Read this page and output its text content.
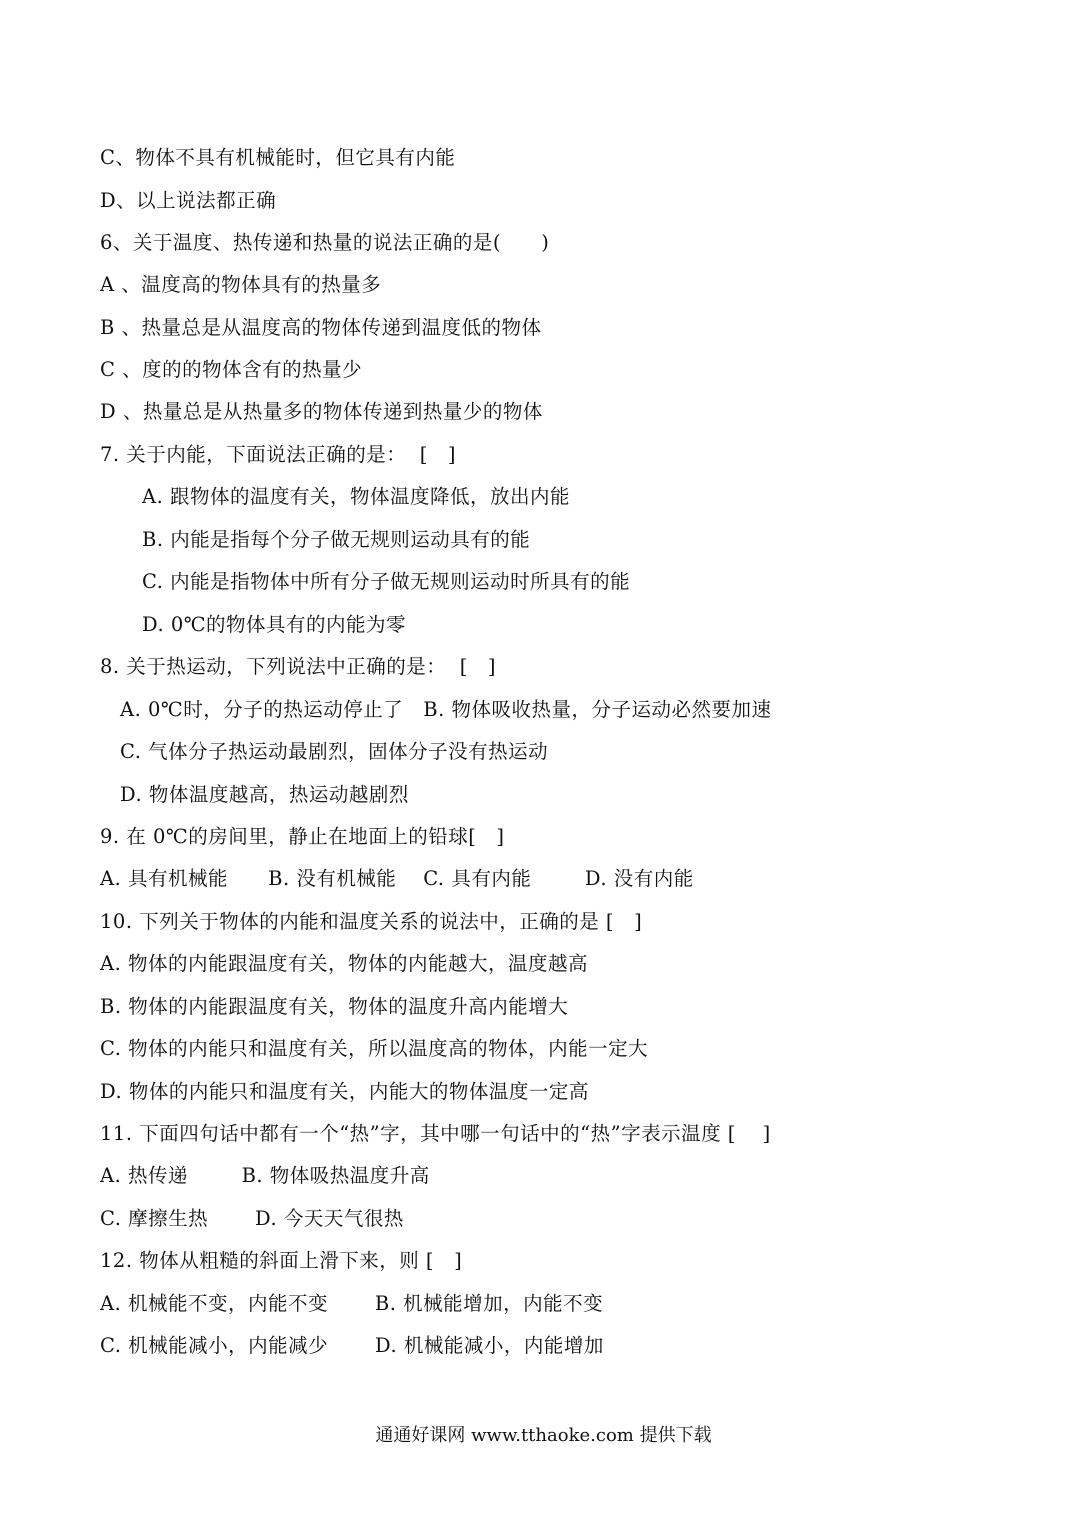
C、物体不具有机械能时，但它具有内能
D、以上说法都正确
6、关于温度、热传递和热量的说法正确的是(      )
A 、温度高的物体具有的热量多
B 、热量总是从温度高的物体传递到温度低的物体
C 、度的的物体含有的热量少
D 、热量总是从热量多的物体传递到热量少的物体
7. 关于内能，下面说法正确的是：  [   ]
A. 跟物体的温度有关，物体温度降低，放出内能
B. 内能是指每个分子做无规则运动具有的能
C. 内能是指物体中所有分子做无规则运动时所具有的能
D. 0℃的物体具有的内能为零
8. 关于热运动，下列说法中正确的是：  [   ]
A. 0℃时，分子的热运动停止了   B. 物体吸收热量，分子运动必然要加速
C. 气体分子热运动最剧烈，固体分子没有热运动
D. 物体温度越高，热运动越剧烈
9. 在 0℃的房间里，静止在地面上的铅球[   ]
A. 具有机械能      B. 没有机械能    C. 具有内能        D. 没有内能
10. 下列关于物体的内能和温度关系的说法中，正确的是 [   ]
A. 物体的内能跟温度有关，物体的内能越大，温度越高
B. 物体的内能跟温度有关，物体的温度升高内能增大
C. 物体的内能只和温度有关，所以温度高的物体，内能一定大
D. 物体的内能只和温度有关，内能大的物体温度一定高
11. 下面四句话中都有一个“热”字，其中哪一句话中的“热”字表示温度 [    ]
A. 热传递        B. 物体吸热温度升高
C. 摩擦生热       D. 今天天气很热
12. 物体从粗糙的斜面上滑下来，则 [   ]
A. 机械能不变，内能不变       B. 机械能增加，内能不变
C. 机械能减小，内能减少       D. 机械能减小，内能增加
通通好课网 www.tthaoke.com 提供下载
